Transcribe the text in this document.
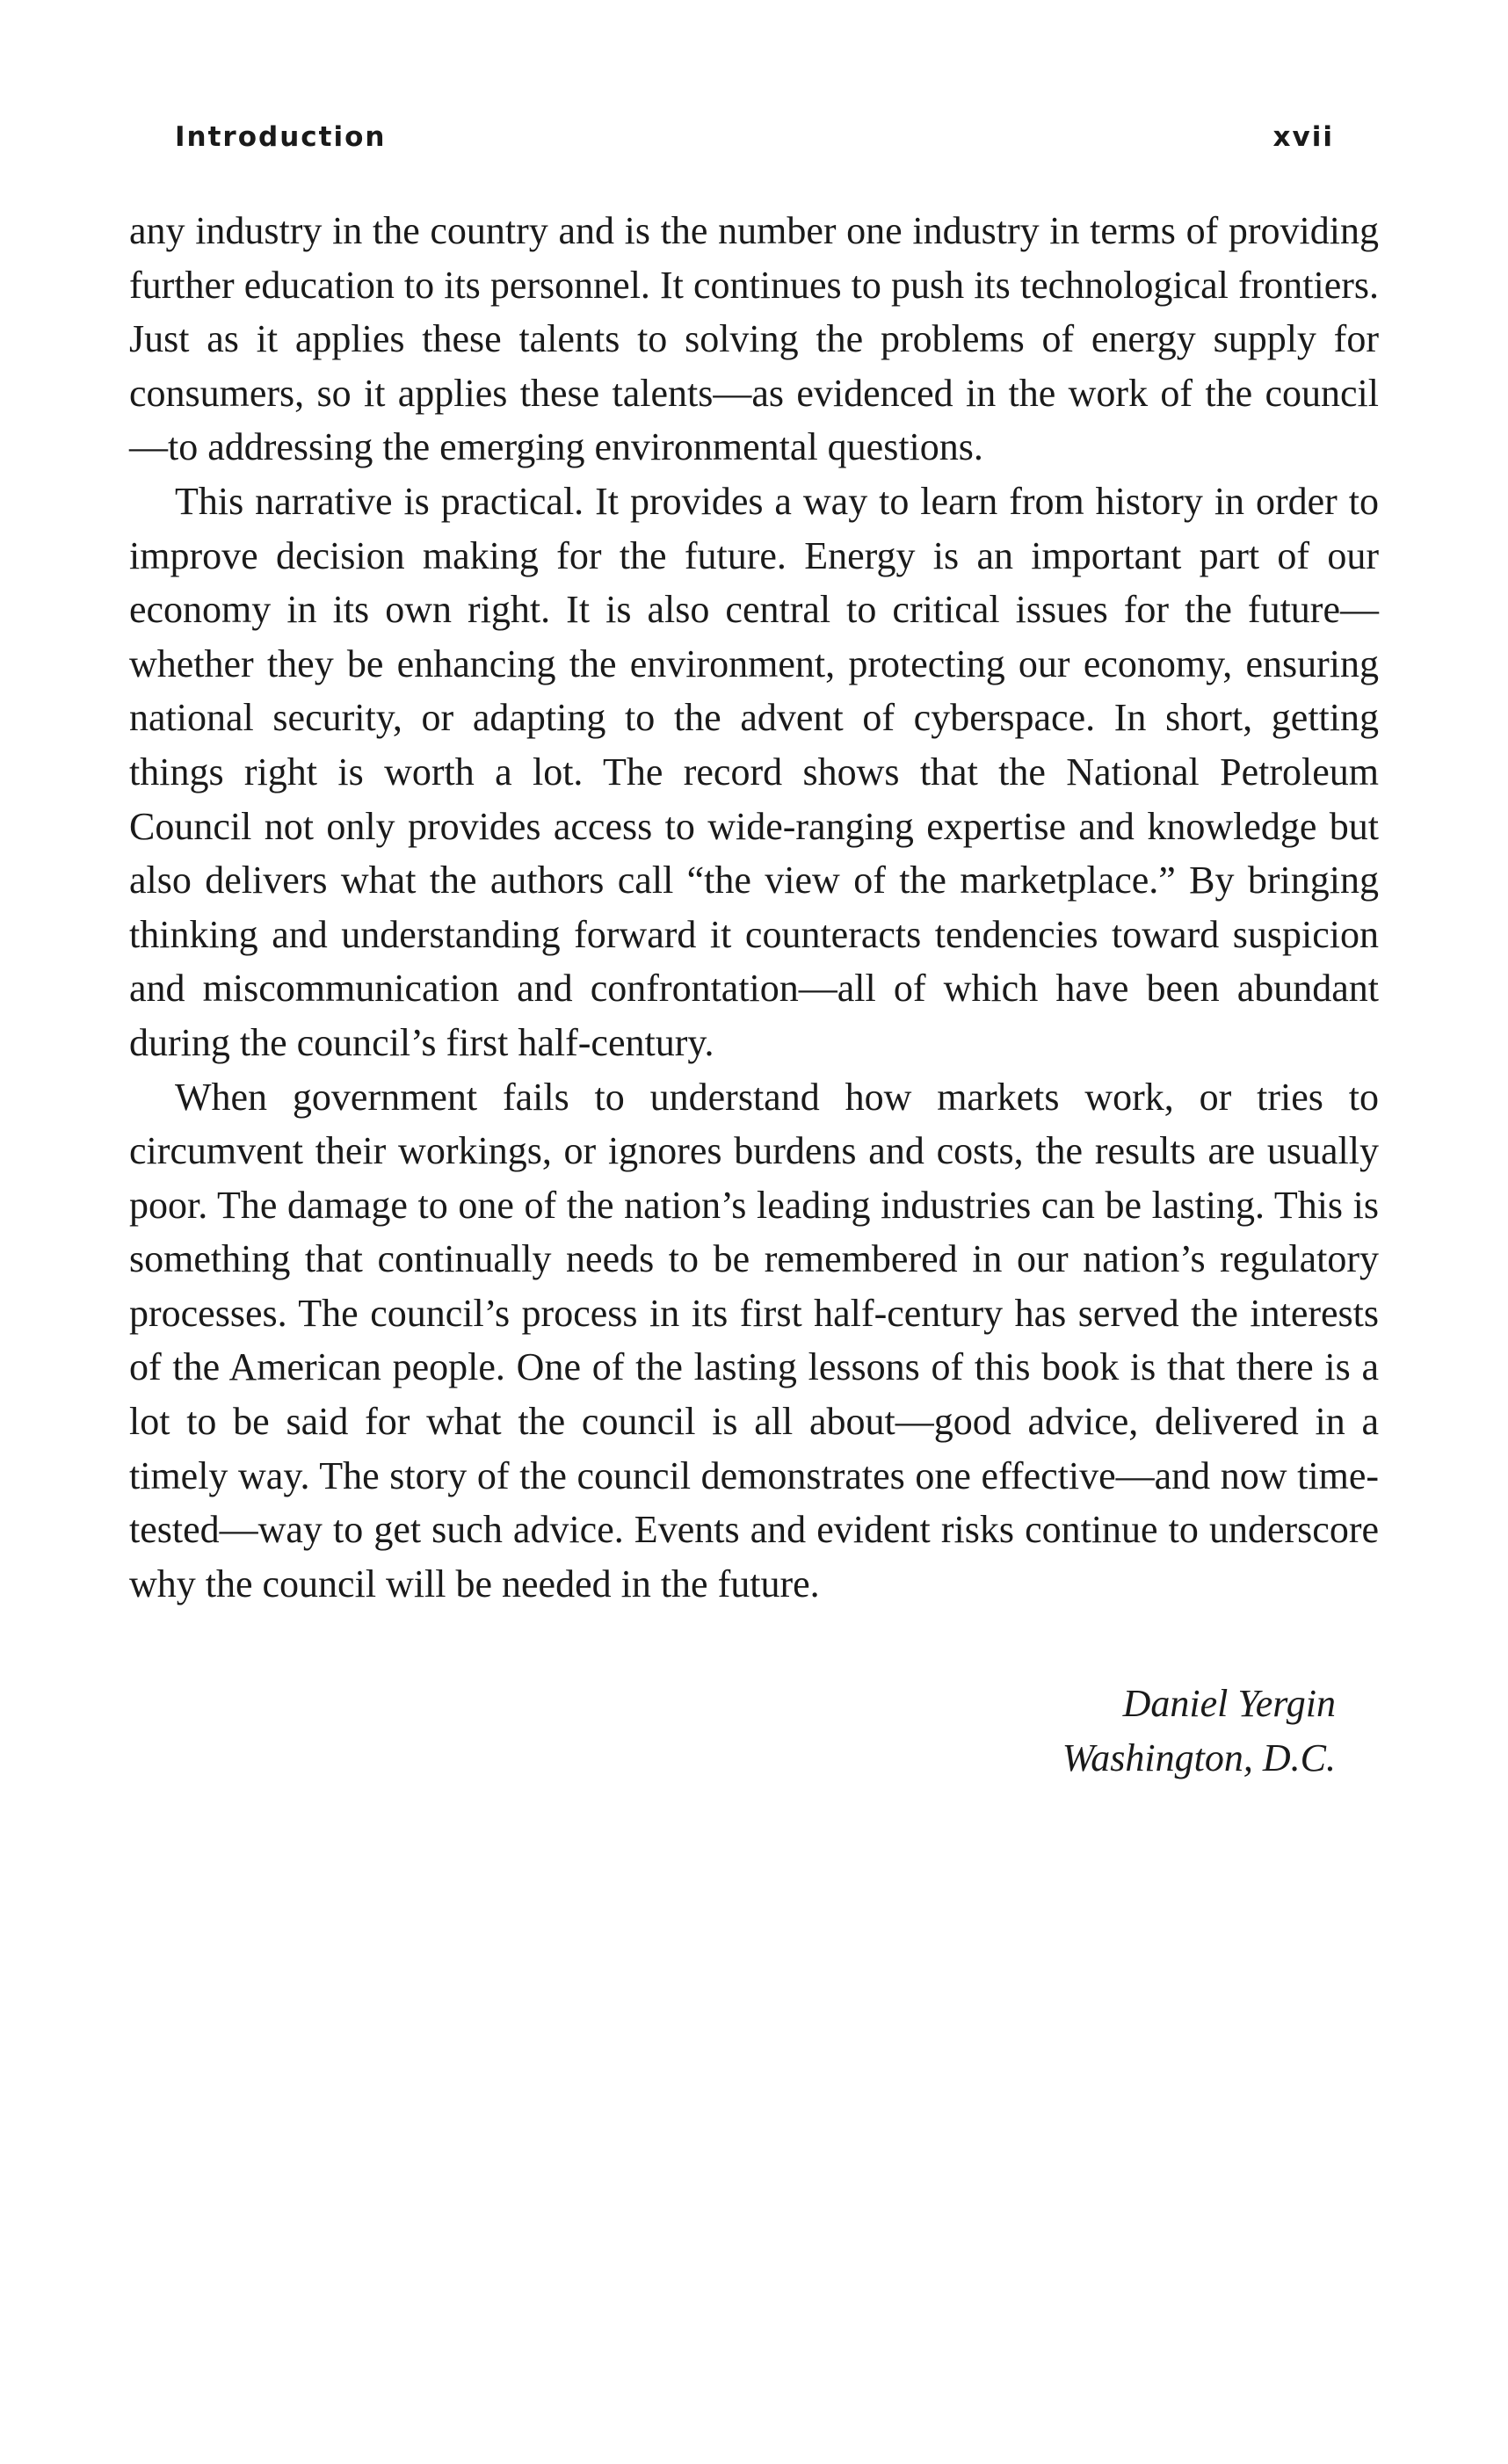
Introduction	xvii

any industry in the country and is the number one industry in terms of providing further education to its personnel. It continues to push its technological frontiers. Just as it applies these talents to solving the problems of energy supply for consumers, so it applies these talents—as evidenced in the work of the council—to addressing the emerging environmental questions.

This narrative is practical. It provides a way to learn from history in order to improve decision making for the future. Energy is an important part of our economy in its own right. It is also central to critical issues for the future—whether they be enhancing the environment, protecting our economy, ensuring national security, or adapting to the advent of cyberspace. In short, getting things right is worth a lot. The record shows that the National Petroleum Council not only provides access to wide-ranging expertise and knowledge but also delivers what the authors call “the view of the marketplace.” By bringing thinking and understanding forward it counteracts tendencies toward suspicion and miscommunication and confrontation—all of which have been abundant during the council’s first half-century.

When government fails to understand how markets work, or tries to circumvent their workings, or ignores burdens and costs, the results are usually poor. The damage to one of the nation’s leading industries can be lasting. This is something that continually needs to be remembered in our nation’s regulatory processes. The council’s process in its first half-century has served the interests of the American people. One of the lasting lessons of this book is that there is a lot to be said for what the council is all about—good advice, delivered in a timely way. The story of the council demonstrates one effective—and now time-tested—way to get such advice. Events and evident risks continue to underscore why the council will be needed in the future.

Daniel Yergin
Washington, D.C.
